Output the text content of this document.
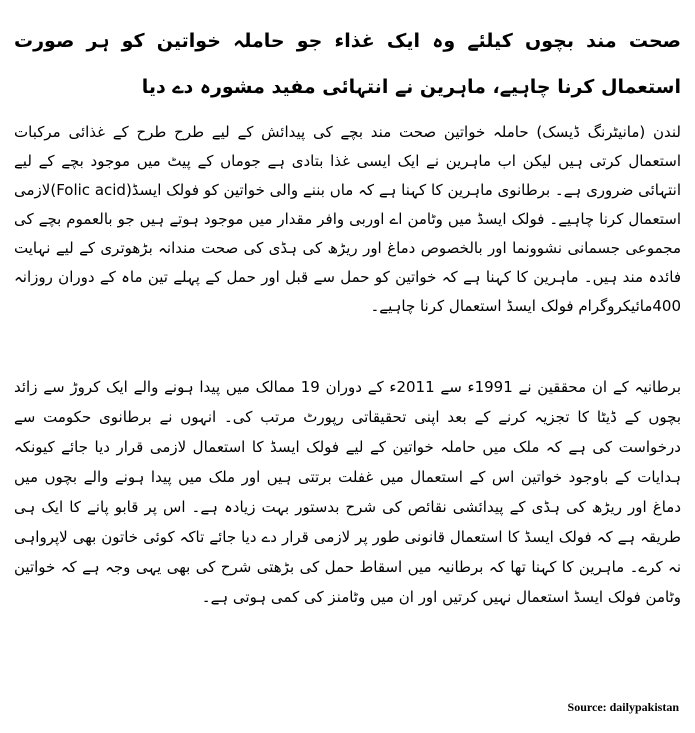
صحت مند بچوں کیلئے وہ ایک غذاء جو حاملہ خواتین کو ہر صورت استعمال کرنا چاہیے، ماہرین نے انتہائی مفید مشورہ دے دیا

لندن (مانیٹرنگ ڈیسک) حاملہ خواتین صحت مند بچے کی پیدائش کے لیے طرح طرح کے غذائی مرکبات استعمال کرتی ہیں لیکن اب ماہرین نے ایک ایسی غذا بتادی ہے جوماں کے پیٹ میں موجود بچے کے لیے انتہائی ضروری ہے۔ برطانوی ماہرین کا کہنا ہے کہ ماں بننے والی خواتین کو فولک ایسڈ(Folic acid)لازمی استعمال کرنا چاہیے۔ فولک ایسڈ میں وٹامن اے اوربی وافر مقدار میں موجود ہوتے ہیں جو بالعموم بچے کی مجموعی جسمانی نشوونما اور بالخصوص دماغ اور ریڑھ کی ہڈی کی صحت مندانہ بڑھوتری کے لیے نہایت فائدہ مند ہیں۔ ماہرین کا کہنا ہے کہ خواتین کو حمل سے قبل اور حمل کے پہلے تین ماہ کے دوران روزانہ 400مائیکروگرام فولک ایسڈ استعمال کرنا چاہیے۔

برطانیہ کے ان محققین نے 1991ء سے 2011ء کے دوران 19 ممالک میں پیدا ہونے والے ایک کروڑ سے زائد بچوں کے ڈیٹا کا تجزیہ کرنے کے بعد اپنی تحقیقاتی رپورٹ مرتب کی۔ انہوں نے برطانوی حکومت سے درخواست کی ہے کہ ملک میں حاملہ خواتین کے لیے فولک ایسڈ کا استعمال لازمی قرار دیا جائے کیونکہ ہدایات کے باوجود خواتین اس کے استعمال میں غفلت برتتی ہیں اور ملک میں پیدا ہونے والے بچوں میں دماغ اور ریڑھ کی ہڈی کے پیدائشی نقائص کی شرح بدستور بہت زیادہ ہے۔ اس پر قابو پانے کا ایک ہی طریقہ ہے کہ فولک ایسڈ کا استعمال قانونی طور پر لازمی قرار دے دیا جائے تاکہ کوئی خاتون بھی لاپرواہی نہ کرے۔ ماہرین کا کہنا تھا کہ برطانیہ میں اسقاط حمل کی بڑھتی شرح کی بھی یہی وجہ ہے کہ خواتین وٹامن فولک ایسڈ استعمال نہیں کرتیں اور ان میں وٹامنز کی کمی ہوتی ہے۔

Source: dailypakistan
